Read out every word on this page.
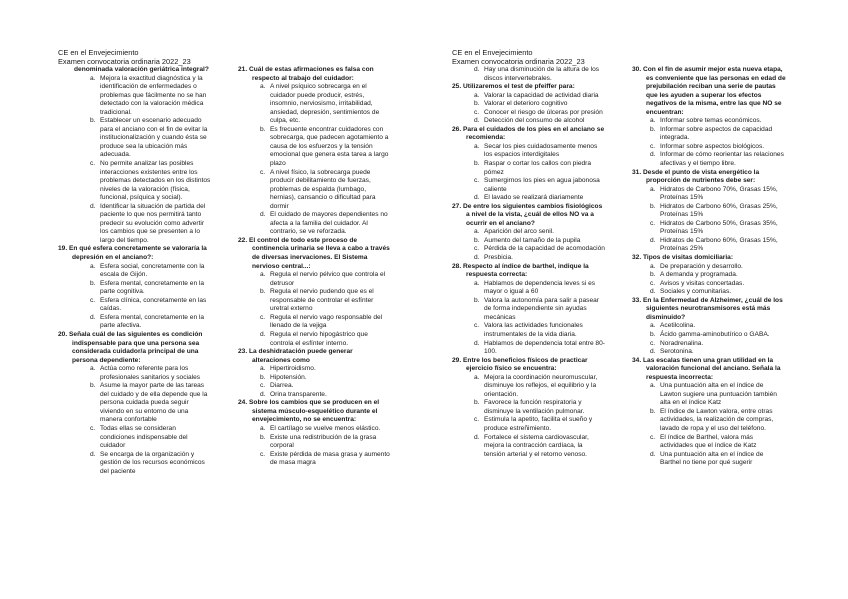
CE en el Envejecimiento
Examen convocatoria ordinaria 2022_23
CE en el Envejecimiento
Examen convocatoria ordinaria 2022_23

denominada valoración geriátrica integral?

a. Mejora la exactitud diagnóstica y la identificación de enfermedades o problemas que fácilmente no se han detectado con la valoración médica tradicional.
b. Establecer un escenario adecuado para el anciano con el fin de evitar la institucionalización y cuando ésta se produce sea la ubicación más adecuada.
c. No permite analizar las posibles interacciones existentes entre los problemas detectados en los distintos niveles de la valoración (física, funcional, psíquica y social).
d. Identificar la situación de partida del paciente lo que nos permitirá tanto predecir su evolución como advertir los cambios que se presenten a lo largo del tiempo.

19. En qué esfera concretamente se valoraría la depresión en el anciano?:

a. Esfera social, concretamente con la escala de Gijón.
b. Esfera mental, concretamente en la parte cognitiva.
c. Esfera clínica, concretamente en las caídas.
d. Esfera mental, concretamente en la parte afectiva.

20. Señala cuál de las siguientes es condición indispensable para que una persona sea considerada cuidador/a principal de una persona dependiente:

a. Actúa como referente para los profesionales sanitarios y sociales
b. Asume la mayor parte de las tareas del cuidado y de ella depende que la persona cuidada pueda seguir viviendo en su entorno de una manera confortable
c. Todas ellas se consideran condiciones indispensable del cuidador
d. Se encarga de la organización y gestión de los recursos económicos del paciente

21. Cuál de estas afirmaciones es falsa con respecto al trabajo del cuidador:

a. A nivel psíquico sobrecarga en el cuidador puede producir, estrés, insomnio, nerviosismo, irritabilidad, ansiedad, depresión, sentimientos de culpa, etc.
b. Es frecuente encontrar cuidadores con sobrecarga, que padecen agotamiento a causa de los esfuerzos y la tensión emocional que genera esta tarea a largo plazo
c. A nivel físico, la sobrecarga puede producir debilitamiento de fuerzas, problemas de espalda (lumbago, hernias), cansancio o dificultad para dormir
d. El cuidado de mayores dependientes no afecta a la familia del cuidador. Al contrario, se ve reforzada.

22. El control de todo este proceso de continencia urinaria se lleva a cabo a través de diversas inervaciones. El Sistema nervioso central...:

a. Regula el nervio pélvico que controla el detrusor
b. Regula el nervio pudendo que es el responsable de controlar el esfínter uretral externo
c. Regula el nervio vago responsable del llenado de la vejiga
d. Regula el nervio hipogástrico que controla el esfínter interno.

23. La deshidratación puede generar alteraciones como

a. Hipertiroidismo.
b. Hipotensión.
c. Diarrea.
d. Orina transparente.

24. Sobre los cambios que se producen en el sistema músculo-esquelético durante el envejecimiento, no se encuentra:

a. El cartílago se vuelve menos elástico.
b. Existe una redistribución de la grasa corporal
c. Existe pérdida de masa grasa y aumento de masa magra
d. Hay una disminución de la altura de los discos intervertebrales.

25. Utilizaremos el test de pfeiffer para:

a. Valorar la capacidad de actividad diaria
b. Valorar el deterioro cognitivo
c. Conocer el riesgo de úlceras por presión
d. Detección del consumo de alcohol

26. Para el cuidados de los pies en el anciano se recomienda:

a. Secar los pies cuidadosamente menos los espacios interdigitales
b. Raspar o cortar los callos con piedra pómez
c. Sumergirnos los pies en agua jabonosa caliente
d. El lavado se realizará diariamente

27. De entre los siguientes cambios fisiológicos a nivel de la vista, ¿cuál de ellos NO va a ocurrir en el anciano?

a. Aparición del arco senil.
b. Aumento del tamaño de la pupila
c. Pérdida de la capacidad de acomodación
d. Presbicia.

28. Respecto al índice de barthel, indique la respuesta correcta:

a. Hablamos de dependencia leves si es mayor o igual a 60
b. Valora la autonomía para salir a pasear de forma independiente sin ayudas mecánicas
c. Valora las actividades funcionales instrumentales de la vida diaria.
d. Hablamos de dependencia total entre 80-100.

29. Entre los beneficios físicos de practicar ejercicio físico se encuentra:

a. Mejora la coordinación neuromuscular, disminuye los reflejos, el equilibrio y la orientación.
b. Favorece la función respiratoria y disminuye la ventilación pulmonar.
c. Estimula la apetito, facilita el sueño y produce estreñimiento.
d. Fortalece el sistema cardiovascular, mejora la contracción cardíaca, la tensión arterial y el retorno venoso.

30. Con el fin de asumir mejor esta nueva etapa, es conveniente que las personas en edad de prejubilación reciban una serie de pautas que les ayuden a superar los efectos negativos de la misma, entre las que NO se encuentran:

a. Informar sobre temas económicos.
b. Informar sobre aspectos de capacidad integrada.
c. Informar sobre aspectos biológicos.
d. Informar de cómo reorientar las relaciones afectivas y el tiempo libre.

31. Desde el punto de vista energético la proporción de nutrientes debe ser:

a. Hidratos de Carbono 70%, Grasas 15%, Proteínas 15%
b. Hidratos de Carbono 60%, Grasas 25%, Proteínas 15%
c. Hidratos de Carbono 50%, Grasas 35%, Proteínas 15%
d. Hidratos de Carbono 60%, Grasas 15%, Proteínas 25%

32. Tipos de visitas domiciliaria:

a. De preparación y desarrollo.
b. A demanda y programada.
c. Avisos y visitas concertadas.
d. Sociales y comunitarias.

33. En la Enfermedad de Alzheimer, ¿cuál de los siguientes neurotransmisores está más disminuido?

a. Acetilcolina.
b. Ácido gamma-aminobutírico o GABA.
c. Noradrenalina.
d. Serotonina.

34. Las escalas tienen una gran utilidad en la valoración funcional del anciano. Señala la respuesta incorrecta:

a. Una puntuación alta en el índice de Lawton sugiere una puntuación también alta en el índice Katz
b. El índice de Lawton valora, entre otras actividades, la realización de compras, lavado de ropa y el uso del teléfono.
c. El índice de Barthel, valora más actividades que el índice de Katz
d. Una puntuación alta en el índice de Barthel no tiene por qué sugerir
